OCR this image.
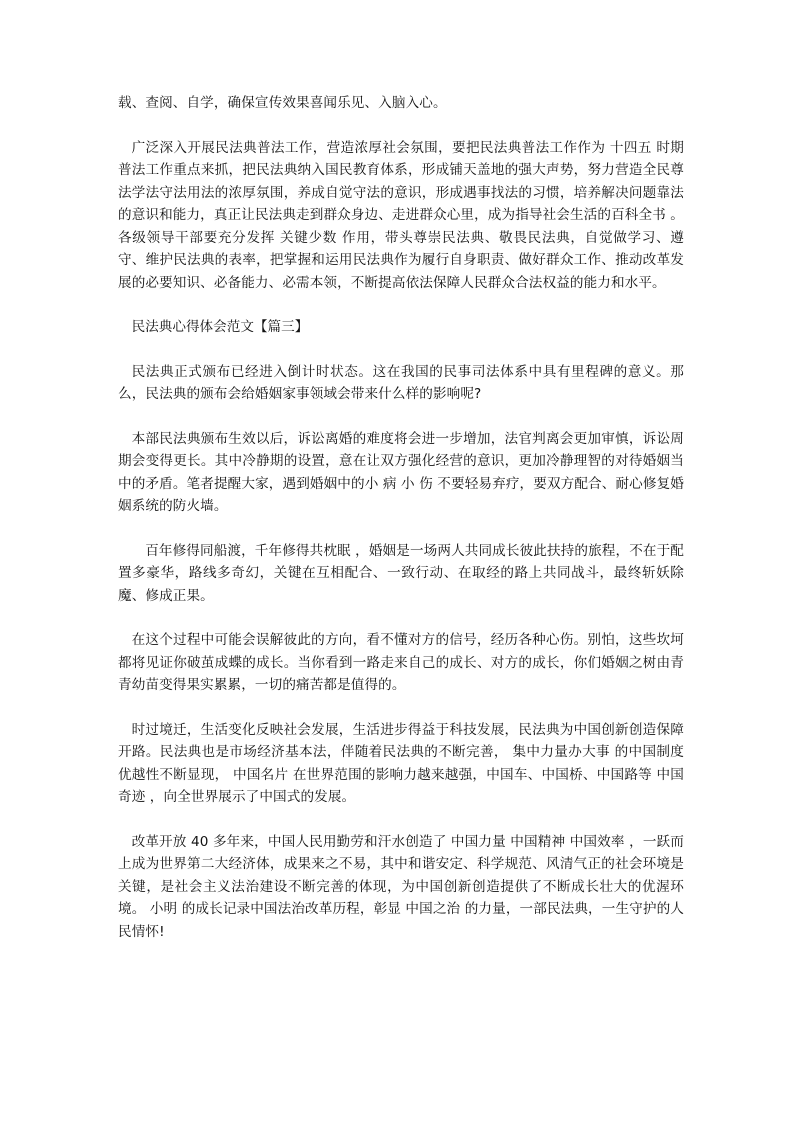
载、查阅、自学，确保宣传效果喜闻乐见、入脑入心。

广泛深入开展民法典普法工作，营造浓厚社会氛围，要把民法典普法工作作为 十四五 时期普法工作重点来抓，把民法典纳入国民教育体系，形成铺天盖地的强大声势，努力营造全民尊法学法守法用法的浓厚氛围，养成自觉守法的意识，形成遇事找法的习惯，培养解决问题靠法的意识和能力，真正让民法典走到群众身边、走进群众心里，成为指导社会生活的百科全书 。各级领导干部要充分发挥 关键少数 作用，带头尊崇民法典、敬畏民法典，自觉做学习、遵守、维护民法典的表率，把掌握和运用民法典作为履行自身职责、做好群众工作、推动改革发展的必要知识、必备能力、必需本领，不断提高依法保障人民群众合法权益的能力和水平。

民法典心得体会范文【篇三】

民法典正式颁布已经进入倒计时状态。这在我国的民事司法体系中具有里程碑的意义。那么，民法典的颁布会给婚姻家事领域会带来什么样的影响呢?

本部民法典颁布生效以后，诉讼离婚的难度将会进一步增加，法官判离会更加审慎，诉讼周期会变得更长。其中冷静期的设置，意在让双方强化经营的意识，更加冷静理智的对待婚姻当中的矛盾。笔者提醒大家，遇到婚姻中的小 病 小 伤 不要轻易弃疗，要双方配合、耐心修复婚姻系统的防火墙。

百年修得同船渡，千年修得共枕眠 ，婚姻是一场两人共同成长彼此扶持的旅程，不在于配置多豪华，路线多奇幻，关键在互相配合、一致行动、在取经的路上共同战斗，最终斩妖除魔、修成正果。

在这个过程中可能会误解彼此的方向，看不懂对方的信号，经历各种心伤。别怕，这些坎坷都将见证你破茧成蝶的成长。当你看到一路走来自己的成长、对方的成长，你们婚姻之树由青青幼苗变得果实累累，一切的痛苦都是值得的。

时过境迁，生活变化反映社会发展，生活进步得益于科技发展，民法典为中国创新创造保障开路。民法典也是市场经济基本法，伴随着民法典的不断完善， 集中力量办大事 的中国制度优越性不断显现， 中国名片 在世界范围的影响力越来越强，中国车、中国桥、中国路等 中国奇迹 ，向全世界展示了中国式的发展。

改革开放 40 多年来，中国人民用勤劳和汗水创造了 中国力量 中国精神 中国效率 ，一跃而上成为世界第二大经济体，成果来之不易，其中和谐安定、科学规范、风清气正的社会环境是关键，是社会主义法治建设不断完善的体现，为中国创新创造提供了不断成长壮大的优渥环境。 小明 的成长记录中国法治改革历程，彰显 中国之治 的力量，一部民法典，一生守护的人民情怀!
